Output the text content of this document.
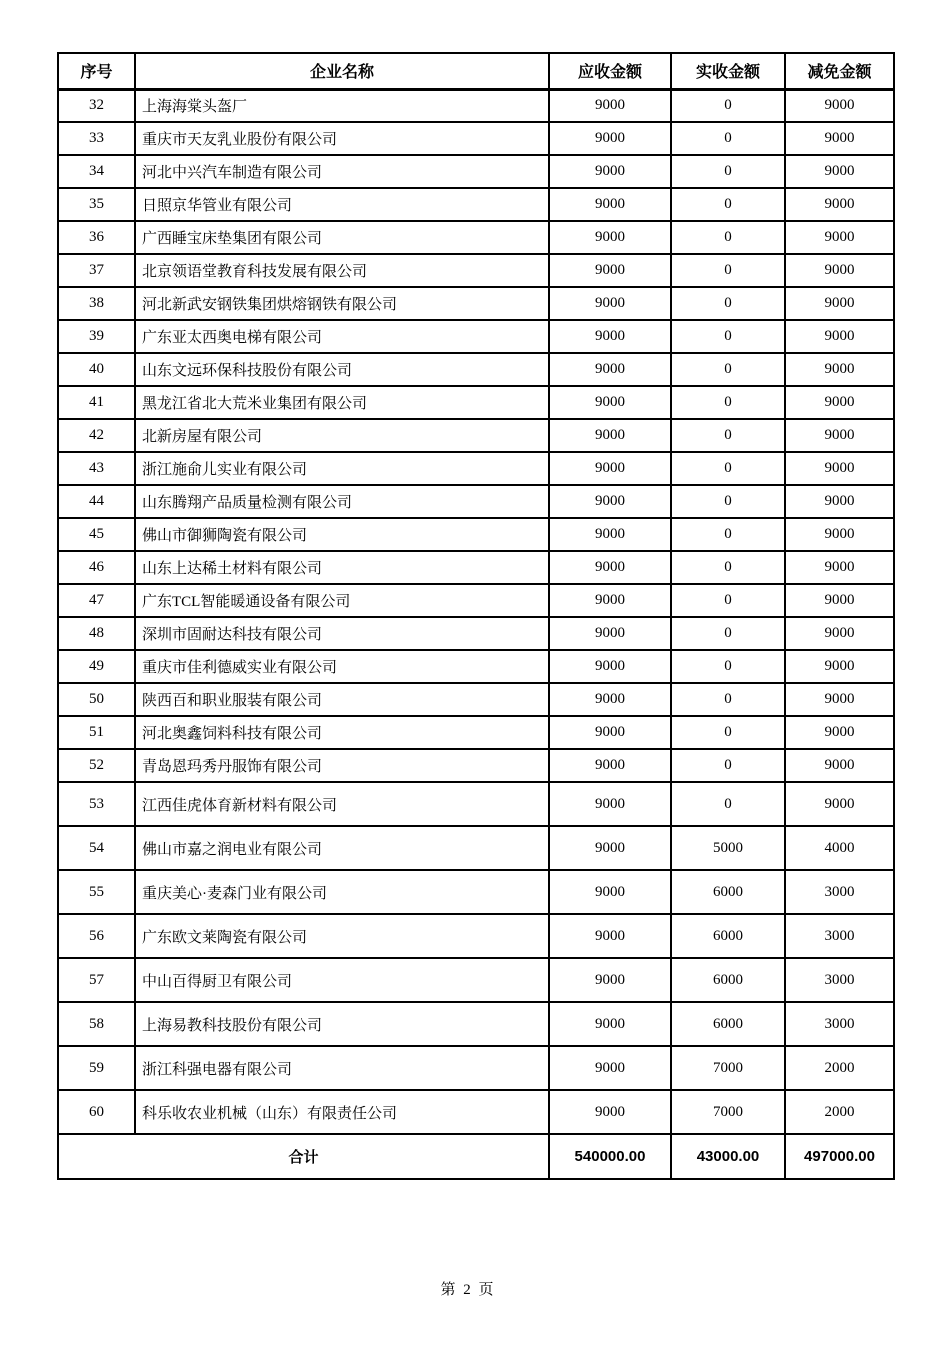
序号	企业名称	应收金额	实收金额	减免金额
32	上海海棠头盔厂	9000	0	9000
33	重庆市天友乳业股份有限公司	9000	0	9000
34	河北中兴汽车制造有限公司	9000	0	9000
35	日照京华管业有限公司	9000	0	9000
36	广西睡宝床垫集团有限公司	9000	0	9000
37	北京领语堂教育科技发展有限公司	9000	0	9000
38	河北新武安钢铁集团烘熔钢铁有限公司	9000	0	9000
39	广东亚太西奥电梯有限公司	9000	0	9000
40	山东文远环保科技股份有限公司	9000	0	9000
41	黑龙江省北大荒米业集团有限公司	9000	0	9000
42	北新房屋有限公司	9000	0	9000
43	浙江施俞儿实业有限公司	9000	0	9000
44	山东腾翔产品质量检测有限公司	9000	0	9000
45	佛山市御狮陶瓷有限公司	9000	0	9000
46	山东上达稀土材料有限公司	9000	0	9000
47	广东TCL智能暖通设备有限公司	9000	0	9000
48	深圳市固耐达科技有限公司	9000	0	9000
49	重庆市佳利德威实业有限公司	9000	0	9000
50	陕西百和职业服装有限公司	9000	0	9000
51	河北奥鑫饲料科技有限公司	9000	0	9000
52	青岛恩玛秀丹服饰有限公司	9000	0	9000
53	江西佳虎体育新材料有限公司	9000	0	9000
54	佛山市嘉之润电业有限公司	9000	5000	4000
55	重庆美心·麦森门业有限公司	9000	6000	3000
56	广东欧文莱陶瓷有限公司	9000	6000	3000
57	中山百得厨卫有限公司	9000	6000	3000
58	上海易教科技股份有限公司	9000	6000	3000
59	浙江科强电器有限公司	9000	7000	2000
60	科乐收农业机械（山东）有限责任公司	9000	7000	2000
合计		540000.00	43000.00	497000.00
第 2 页
